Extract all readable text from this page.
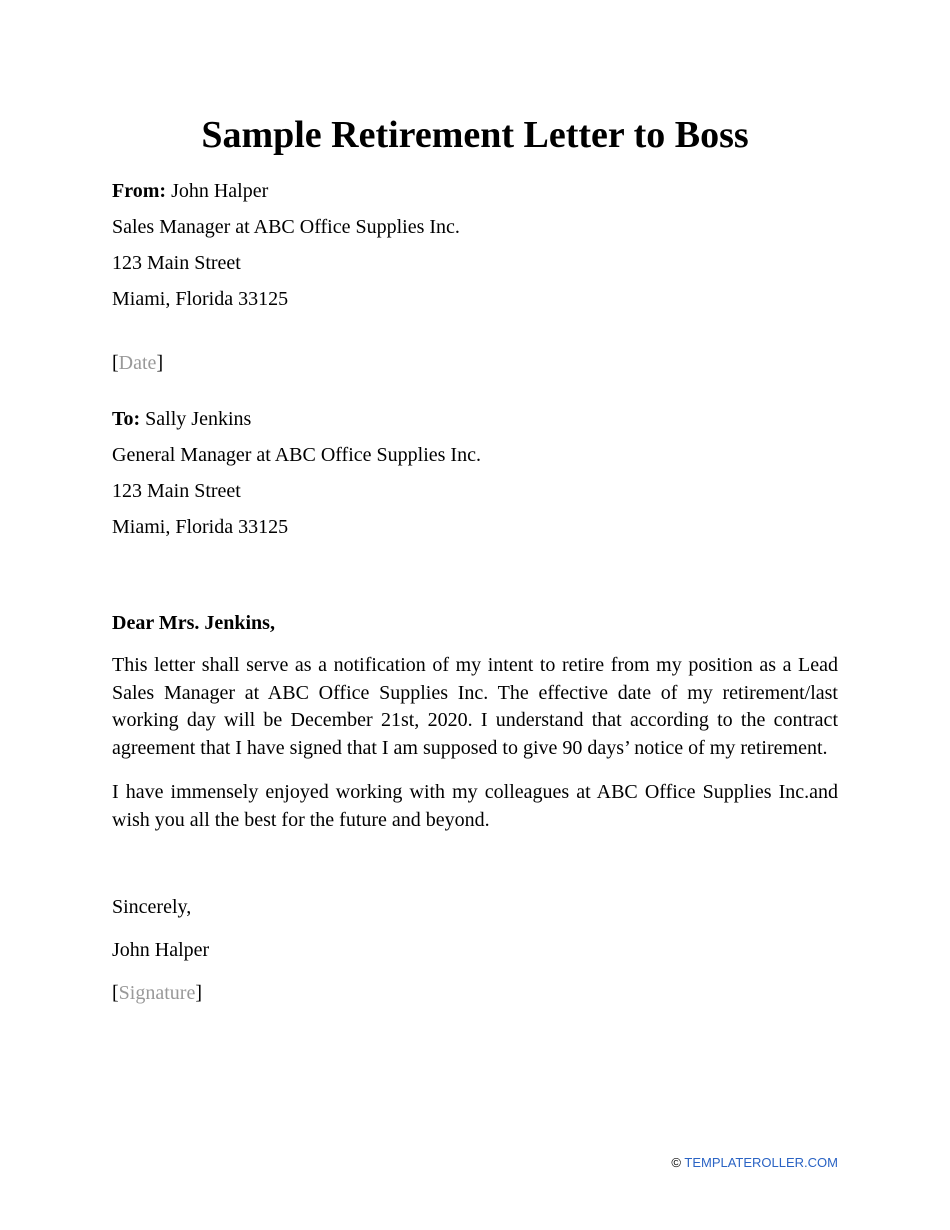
Sample Retirement Letter to Boss
From: John Halper
Sales Manager at ABC Office Supplies Inc.
123 Main Street
Miami, Florida 33125
[Date]
To: Sally Jenkins
General Manager at ABC Office Supplies Inc.
123 Main Street
Miami, Florida 33125
Dear Mrs. Jenkins,

This letter shall serve as a notification of my intent to retire from my position as a Lead Sales Manager at ABC Office Supplies Inc. The effective date of my retirement/last working day will be December 21st, 2020. I understand that according to the contract agreement that I have signed that I am supposed to give 90 days’ notice of my retirement.

I have immensely enjoyed working with my colleagues at ABC Office Supplies Inc.and wish you all the best for the future and beyond.

Sincerely,
John Halper
[Signature]
© TEMPLATEROLLER.COM
